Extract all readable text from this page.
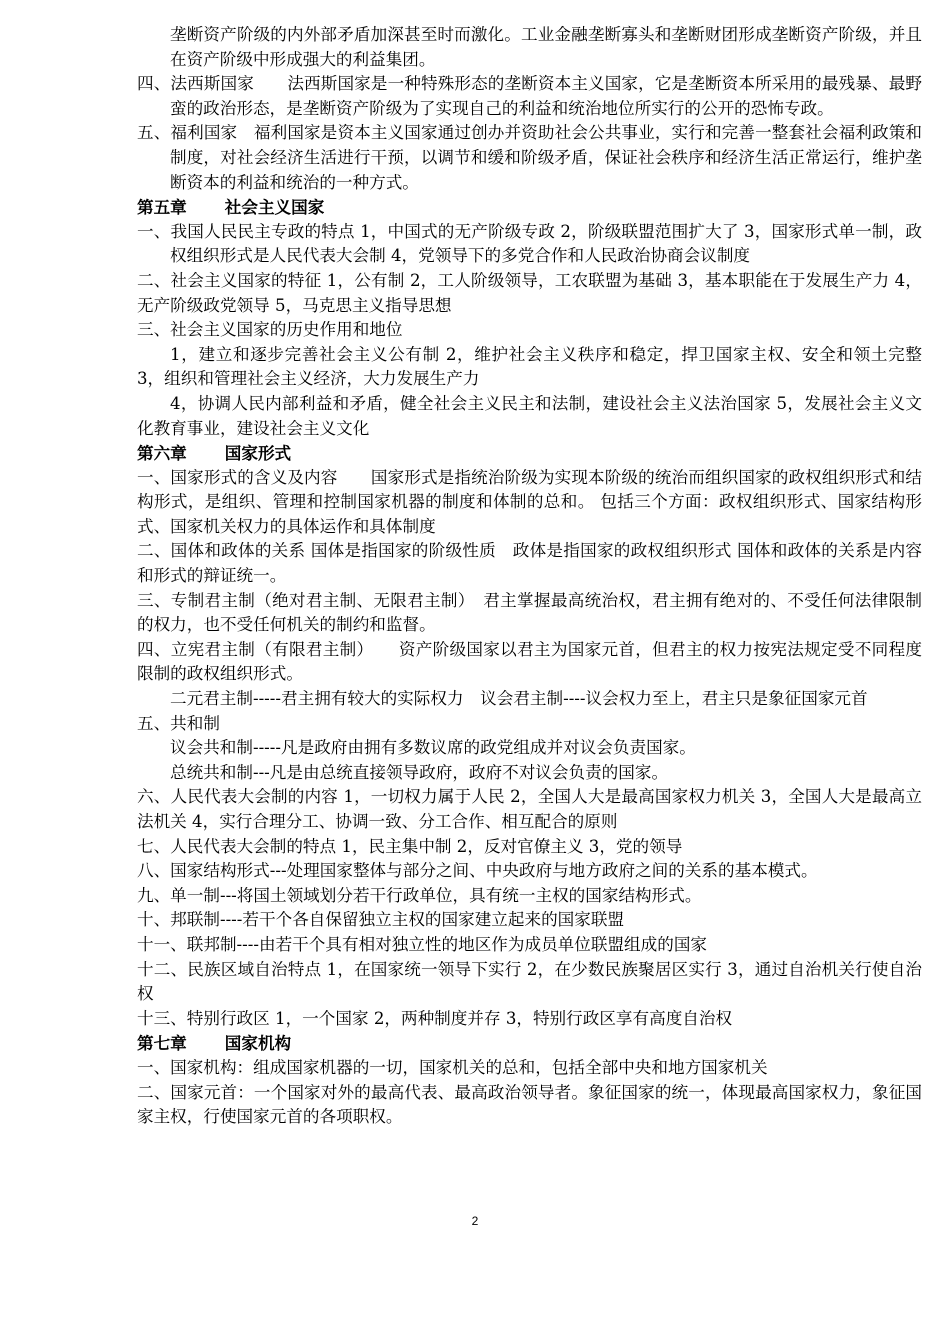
垄断资产阶级的内外部矛盾加深甚至时而激化。工业金融垄断寡头和垄断财团形成垄断资产阶级，并且在资产阶级中形成强大的利益集团。

四、法西斯国家　　法西斯国家是一种特殊形态的垄断资本主义国家，它是垄断资本所采用的最残暴、最野蛮的政治形态，是垄断资产阶级为了实现自己的利益和统治地位所实行的公开的恐怖专政。

五、福利国家　福利国家是资本主义国家通过创办并资助社会公共事业，实行和完善一整套社会福利政策和制度，对社会经济生活进行干预，以调节和缓和阶级矛盾，保证社会秩序和经济生活正常运行，维护垄断资本的利益和统治的一种方式。

第五章 社会主义国家

一、我国人民民主专政的特点 1，中国式的无产阶级专政 2，阶级联盟范围扩大了 3，国家形式单一制，政权组织形式是人民代表大会制 4，党领导下的多党合作和人民政治协商会议制度

二、社会主义国家的特征 1，公有制 2，工人阶级领导，工农联盟为基础 3，基本职能在于发展生产力 4，无产阶级政党领导 5，马克思主义指导思想

三、社会主义国家的历史作用和地位

1，建立和逐步完善社会主义公有制 2，维护社会主义秩序和稳定，捍卫国家主权、安全和领土完整 3，组织和管理社会主义经济，大力发展生产力

4，协调人民内部利益和矛盾，健全社会主义民主和法制，建设社会主义法治国家 5，发展社会主义文化教育事业，建设社会主义文化

第六章 国家形式

一、国家形式的含义及内容　　国家形式是指统治阶级为实现本阶级的统治而组织国家的政权组织形式和结构形式，是组织、管理和控制国家机器的制度和体制的总和。 包括三个方面：政权组织形式、国家结构形式、国家机关权力的具体运作和具体制度

二、国体和政体的关系 国体是指国家的阶级性质　政体是指国家的政权组织形式 国体和政体的关系是内容和形式的辩证统一。

三、专制君主制（绝对君主制、无限君主制）　君主掌握最高统治权，君主拥有绝对的、不受任何法律限制的权力，也不受任何机关的制约和监督。

四、立宪君主制（有限君主制）　　资产阶级国家以君主为国家元首，但君主的权力按宪法规定受不同程度限制的政权组织形式。

二元君主制-----君主拥有较大的实际权力　议会君主制----议会权力至上，君主只是象征国家元首

五、共和制

议会共和制-----凡是政府由拥有多数议席的政党组成并对议会负责国家。

总统共和制---凡是由总统直接领导政府，政府不对议会负责的国家。

六、人民代表大会制的内容 1，一切权力属于人民 2，全国人大是最高国家权力机关 3，全国人大是最高立法机关 4，实行合理分工、协调一致、分工合作、相互配合的原则

七、人民代表大会制的特点 1，民主集中制 2，反对官僚主义 3，党的领导

八、国家结构形式---处理国家整体与部分之间、中央政府与地方政府之间的关系的基本模式。

九、单一制---将国土领域划分若干行政单位，具有统一主权的国家结构形式。

十、邦联制----若干个各自保留独立主权的国家建立起来的国家联盟

十一、联邦制----由若干个具有相对独立性的地区作为成员单位联盟组成的国家

十二、民族区域自治特点 1，在国家统一领导下实行 2，在少数民族聚居区实行 3，通过自治机关行使自治权

十三、特别行政区 1，一个国家 2，两种制度并存 3，特别行政区享有高度自治权

第七章 国家机构

一、国家机构：组成国家机器的一切，国家机关的总和，包括全部中央和地方国家机关

二、国家元首：一个国家对外的最高代表、最高政治领导者。象征国家的统一，体现最高国家权力，象征国家主权，行使国家元首的各项职权。

2
